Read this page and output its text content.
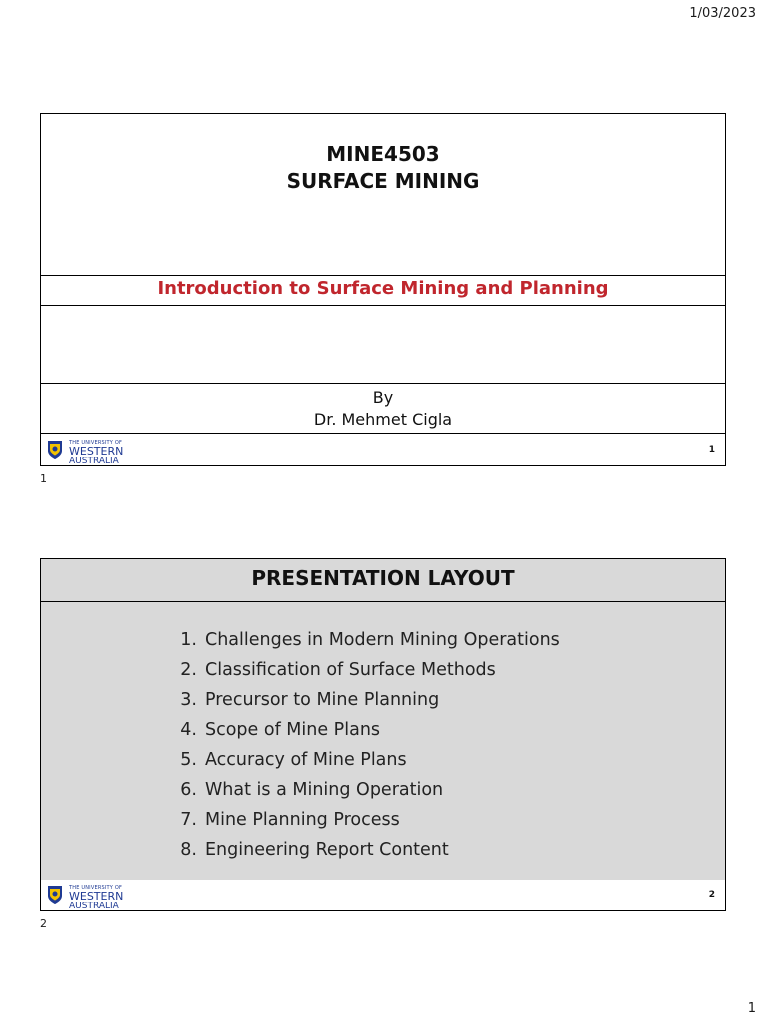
1/03/2023
MINE4503
SURFACE MINING
Introduction to Surface Mining and Planning
By
Dr. Mehmet Cigla
THE UNIVERSITY OF
WESTERN
AUSTRALIA
1
1
PRESENTATION LAYOUT
1. Challenges in Modern Mining Operations
2. Classification of Surface Methods
3. Precursor to Mine Planning
4. Scope of Mine Plans
5. Accuracy of Mine Plans
6. What is a Mining Operation
7. Mine Planning Process
8. Engineering Report Content
THE UNIVERSITY OF
WESTERN
AUSTRALIA
2
2
1
